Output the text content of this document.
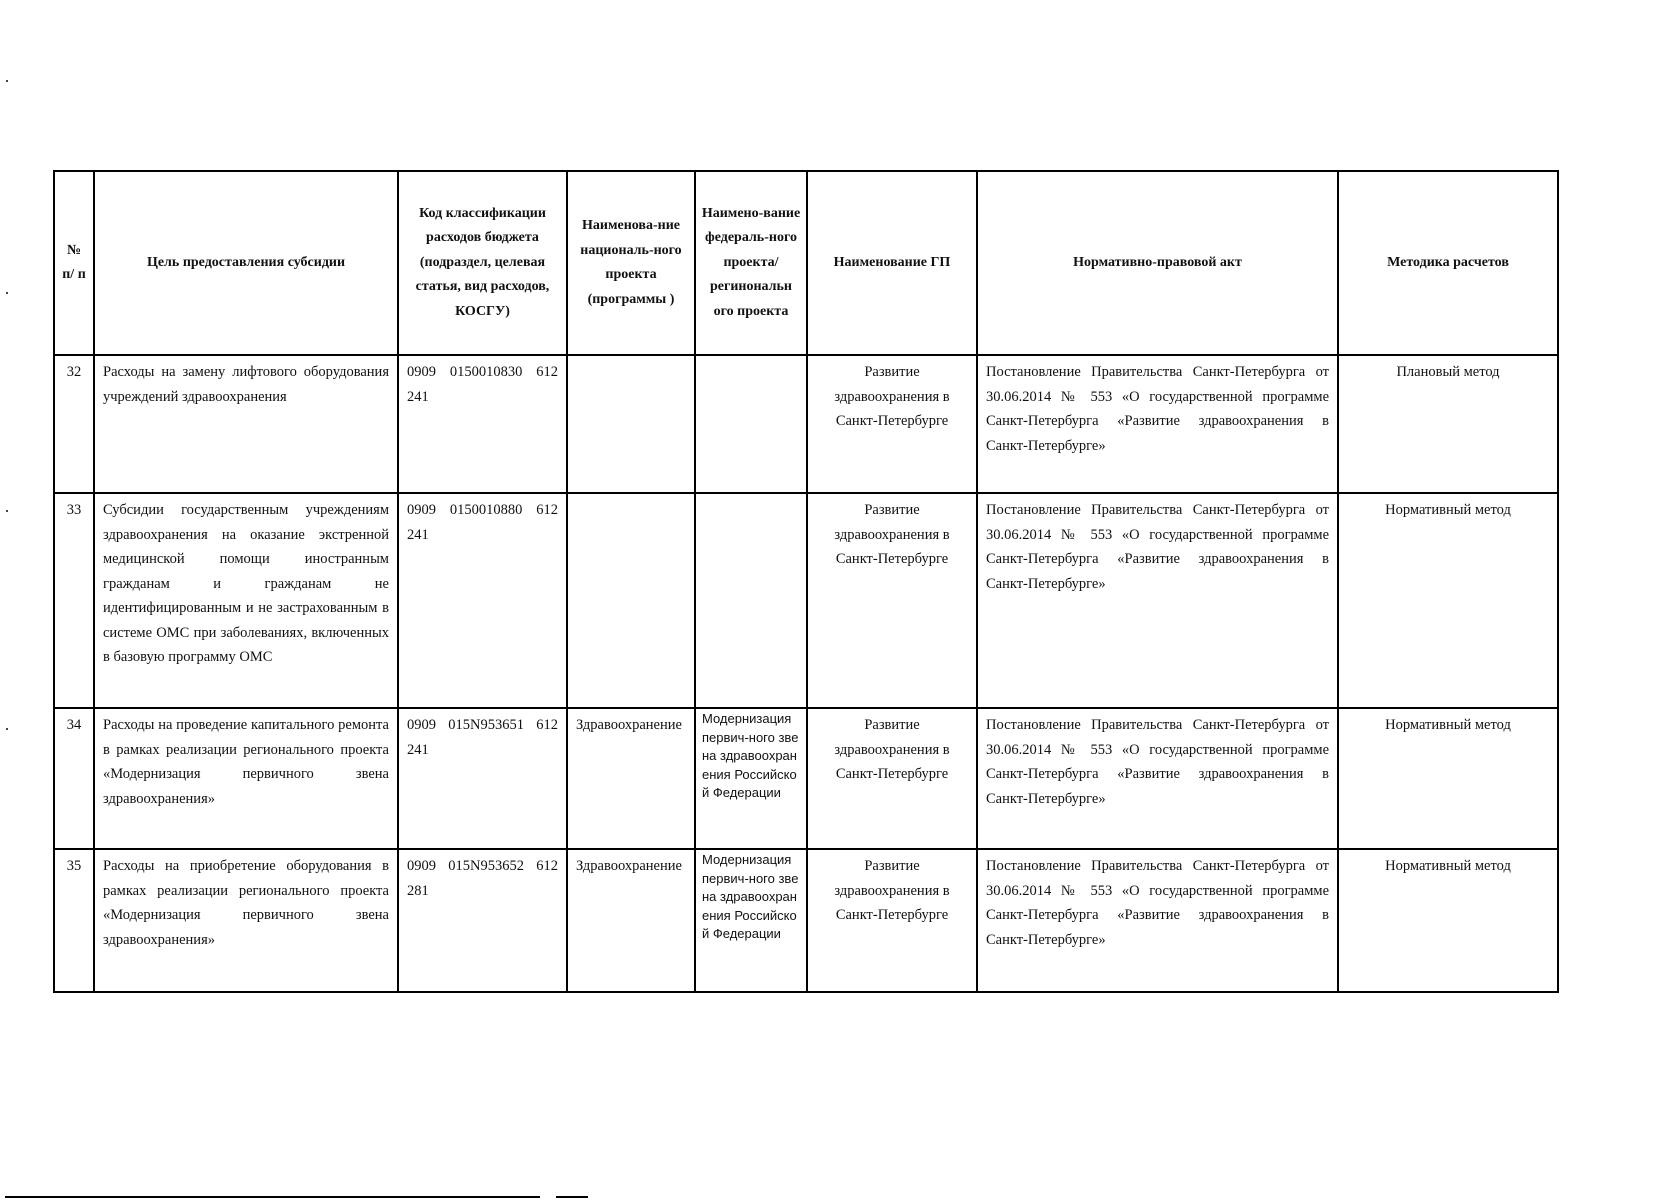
№ п/ п	Цель предоставления субсидии	Код классификации расходов бюджета (подраздел, целевая статья, вид расходов, КОСГУ)	Наименова-ние националь-ного проекта (программы )	Наимено-вание федераль-ного проекта/ регинональн ого проекта	Наименование ГП	Нормативно-правовой акт	Методика расчетов
32	Расходы на замену лифтового оборудования учреждений здравоохранения	0909 0150010830 612 241			Развитие здравоохранения в Санкт-Петербурге	Постановление Правительства Санкт-Петербурга от 30.06.2014 № 553 «О государственной программе Санкт-Петербурга «Развитие здравоохранения в Санкт-Петербурге»	Плановый метод
33	Субсидии государственным учреждениям здравоохранения на оказание экстренной медицинской помощи иностранным гражданам и гражданам не идентифицированным и не застрахованным в системе ОМС при заболеваниях, включенных в базовую программу ОМС	0909 0150010880 612 241			Развитие здравоохранения в Санкт-Петербурге	Постановление Правительства Санкт-Петербурга от 30.06.2014 № 553 «О государственной программе Санкт-Петербурга «Развитие здравоохранения в Санкт-Петербурге»	Нормативный метод
34	Расходы на проведение капитального ремонта в рамках реализации регионального проекта «Модернизация первичного звена здравоохранения»	0909 015N953651 612 241	Здравоохранение	Модернизация первич-ного звена здравоохранения Российской Федерации	Развитие здравоохранения в Санкт-Петербурге	Постановление Правительства Санкт-Петербурга от 30.06.2014 № 553 «О государственной программе Санкт-Петербурга «Развитие здравоохранения в Санкт-Петербурге»	Нормативный метод
35	Расходы на приобретение оборудования в рамках реализации регионального проекта «Модернизация первичного звена здравоохранения»	0909 015N953652 612 281	Здравоохранение	Модернизация первич-ного звена здравоохранения Российской Федерации	Развитие здравоохранения в Санкт-Петербурге	Постановление Правительства Санкт-Петербурга от 30.06.2014 № 553 «О государственной программе Санкт-Петербурга «Развитие здравоохранения в Санкт-Петербурге»	Нормативный метод
